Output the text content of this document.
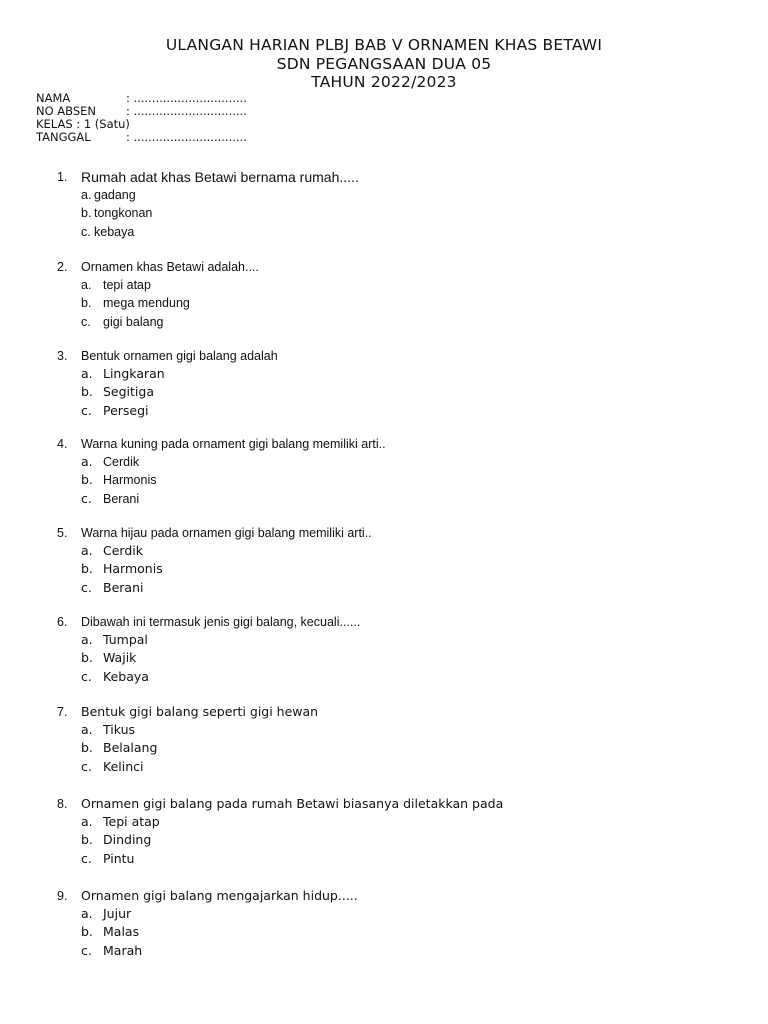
ULANGAN HARIAN PLBJ BAB V ORNAMEN KHAS BETAWI
SDN PEGANGSAAN DUA 05
TAHUN 2022/2023
NAMA	: ...............................
NO ABSEN	: ...............................
KELAS : 1 (Satu)
TANGGAL	: ...............................
1. Rumah adat khas Betawi bernama rumah.....
a. gadang
b. tongkonan
c. kebaya
2. Ornamen khas Betawi adalah....
a. tepi atap
b. mega mendung
c. gigi balang
3. Bentuk ornamen gigi balang adalah
a. Lingkaran
b. Segitiga
c. Persegi
4. Warna kuning pada ornament gigi balang memiliki arti..
a. Cerdik
b. Harmonis
c. Berani
5. Warna hijau pada ornamen gigi balang memiliki arti..
a. Cerdik
b. Harmonis
c. Berani
6. Dibawah ini termasuk jenis gigi balang, kecuali......
a. Tumpal
b. Wajik
c. Kebaya
7. Bentuk gigi balang seperti gigi hewan
a. Tikus
b. Belalang
c. Kelinci
8. Ornamen gigi balang pada rumah Betawi biasanya diletakkan pada
a. Tepi atap
b. Dinding
c. Pintu
9. Ornamen gigi balang mengajarkan hidup.....
a. Jujur
b. Malas
c. Marah
